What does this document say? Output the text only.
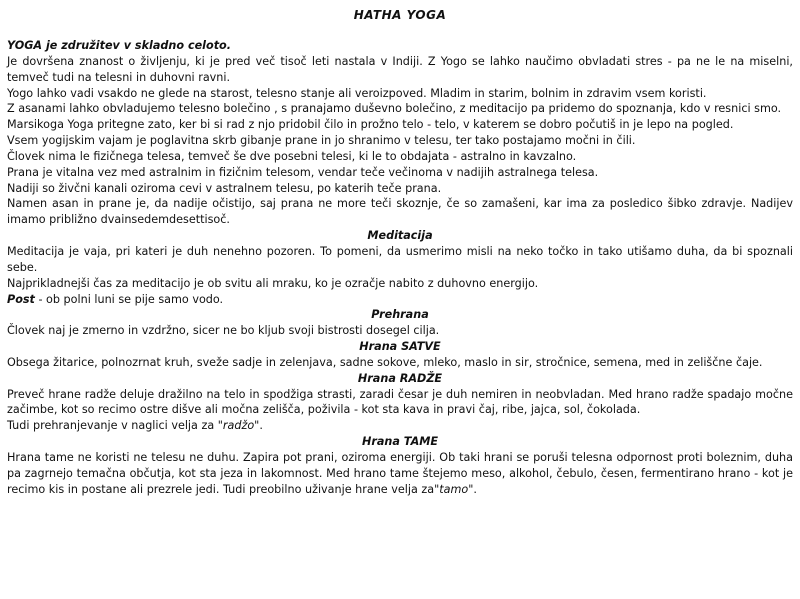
HATHA YOGA

YOGA je združitev v skladno celoto.

Je dovršena znanost o življenju, ki je pred več tisoč leti nastala v Indiji. Z Yogo se lahko naučimo obvladati stres - pa ne le na miselni, temveč tudi na telesni in duhovni ravni.

Yogo lahko vadi vsakdo ne glede na starost, telesno stanje ali veroizpoved. Mladim in starim, bolnim in zdravim vsem koristi.

Z asanami lahko obvladujemo telesno bolečino , s pranajamo duševno bolečino, z meditacijo pa pridemo do spoznanja, kdo v resnici smo.

Marsikoga Yoga pritegne zato, ker bi si rad z njo pridobil čilo in prožno telo - telo, v katerem se dobro počutiš in je lepo na pogled.

Vsem yogijskim vajam je poglavitna skrb gibanje prane in jo shranimo v telesu, ter tako postajamo močni in čili.

Človek nima le fizičnega telesa, temveč še dve posebni telesi, ki le to obdajata - astralno in kavzalno.

Prana je vitalna vez med astralnim in fizičnim telesom, vendar teče večinoma v nadijih astralnega telesa.

Nadiji so živčni kanali oziroma cevi v astralnem telesu, po katerih teče prana.

Namen asan in prane je, da nadije očistijo, saj prana ne more teči skoznje, če so zamašeni, kar ima za posledico šibko zdravje. Nadijev imamo približno dvainsedemdesettisoč.

Meditacija

Meditacija je vaja, pri kateri je duh nenehno pozoren. To pomeni, da usmerimo misli na neko točko in tako utišamo duha, da bi spoznali sebe.

Najprikladnejši čas za meditacijo je ob svitu ali mraku, ko je ozračje nabito z duhovno energijo.

Post - ob polni luni se pije samo vodo.

Prehrana

Človek naj je zmerno in vzdržno, sicer ne bo kljub svoji bistrosti dosegel cilja.

Hrana SATVE

Obsega žitarice, polnozrnat kruh, sveže sadje in zelenjava, sadne sokove, mleko, maslo in sir, stročnice, semena, med in zeliščne čaje.

Hrana RADŽE

Preveč hrane radže deluje dražilno na telo in spodžiga strasti, zaradi česar je duh nemiren in neobvladan. Med hrano radže spadajo močne začimbe, kot so recimo ostre dišve ali močna zelišča, poživila - kot sta kava in pravi čaj, ribe, jajca, sol, čokolada.

Tudi prehranjevanje v naglici velja za "radžo".

Hrana TAME

Hrana tame ne koristi ne telesu ne duhu. Zapira pot prani, oziroma energiji. Ob taki hrani se poruši telesna odpornost proti boleznim, duha pa zagrnejo temačna občutja, kot sta jeza in lakomnost. Med hrano tame štejemo meso, alkohol, čebulo, česen, fermentirano hrano - kot je recimo kis in postane ali prezrele jedi. Tudi preobilno uživanje hrane velja za"tamo".
